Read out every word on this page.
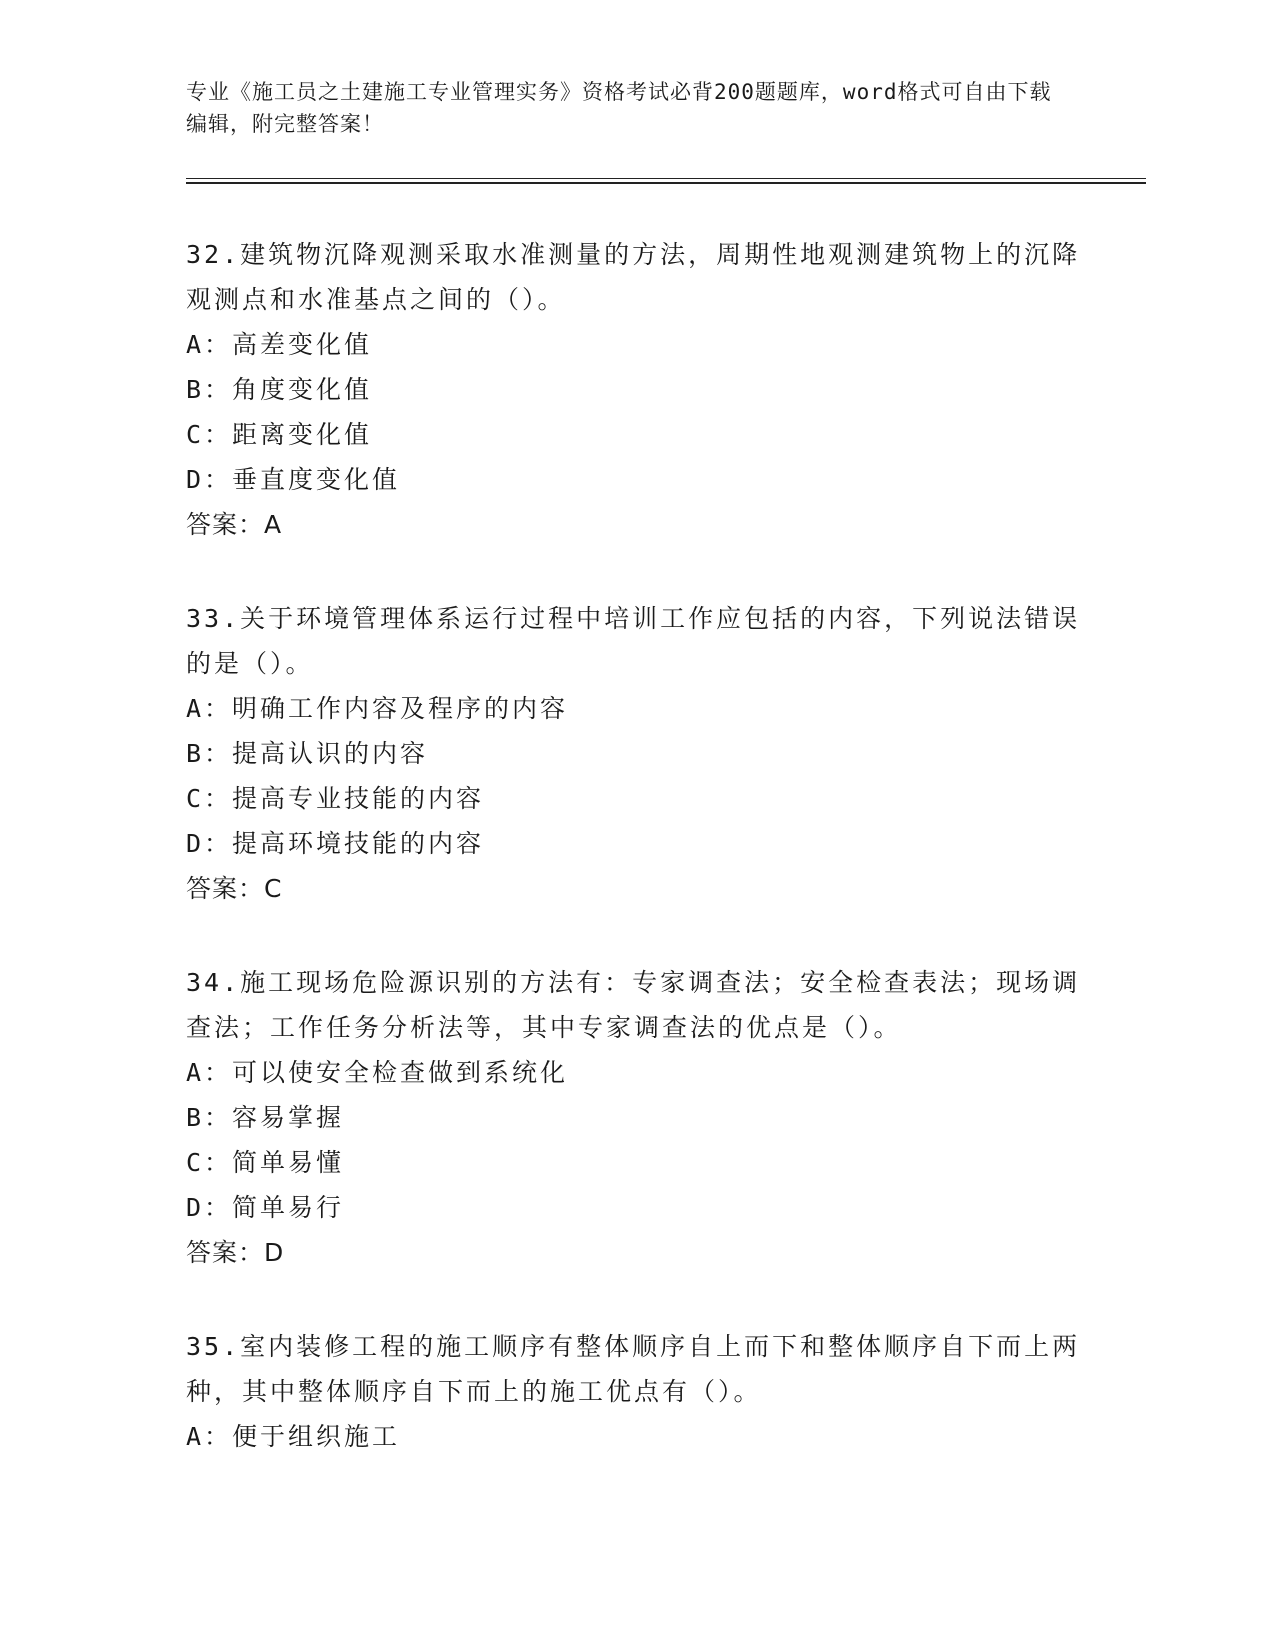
专业《施工员之土建施工专业管理实务》资格考试必背200题题库，word格式可自由下载编辑，附完整答案！

32.建筑物沉降观测采取水准测量的方法，周期性地观测建筑物上的沉降观测点和水准基点之间的（）。

A：高差变化值

B：角度变化值

C：距离变化值

D：垂直度变化值

答案：A

33.关于环境管理体系运行过程中培训工作应包括的内容，下列说法错误的是（）。

A：明确工作内容及程序的内容

B：提高认识的内容

C：提高专业技能的内容

D：提高环境技能的内容

答案：C

34.施工现场危险源识别的方法有：专家调查法；安全检查表法；现场调查法；工作任务分析法等，其中专家调查法的优点是（）。

A：可以使安全检查做到系统化

B：容易掌握

C：简单易懂

D：简单易行

答案：D

35.室内装修工程的施工顺序有整体顺序自上而下和整体顺序自下而上两种，其中整体顺序自下而上的施工优点有（）。

A：便于组织施工
